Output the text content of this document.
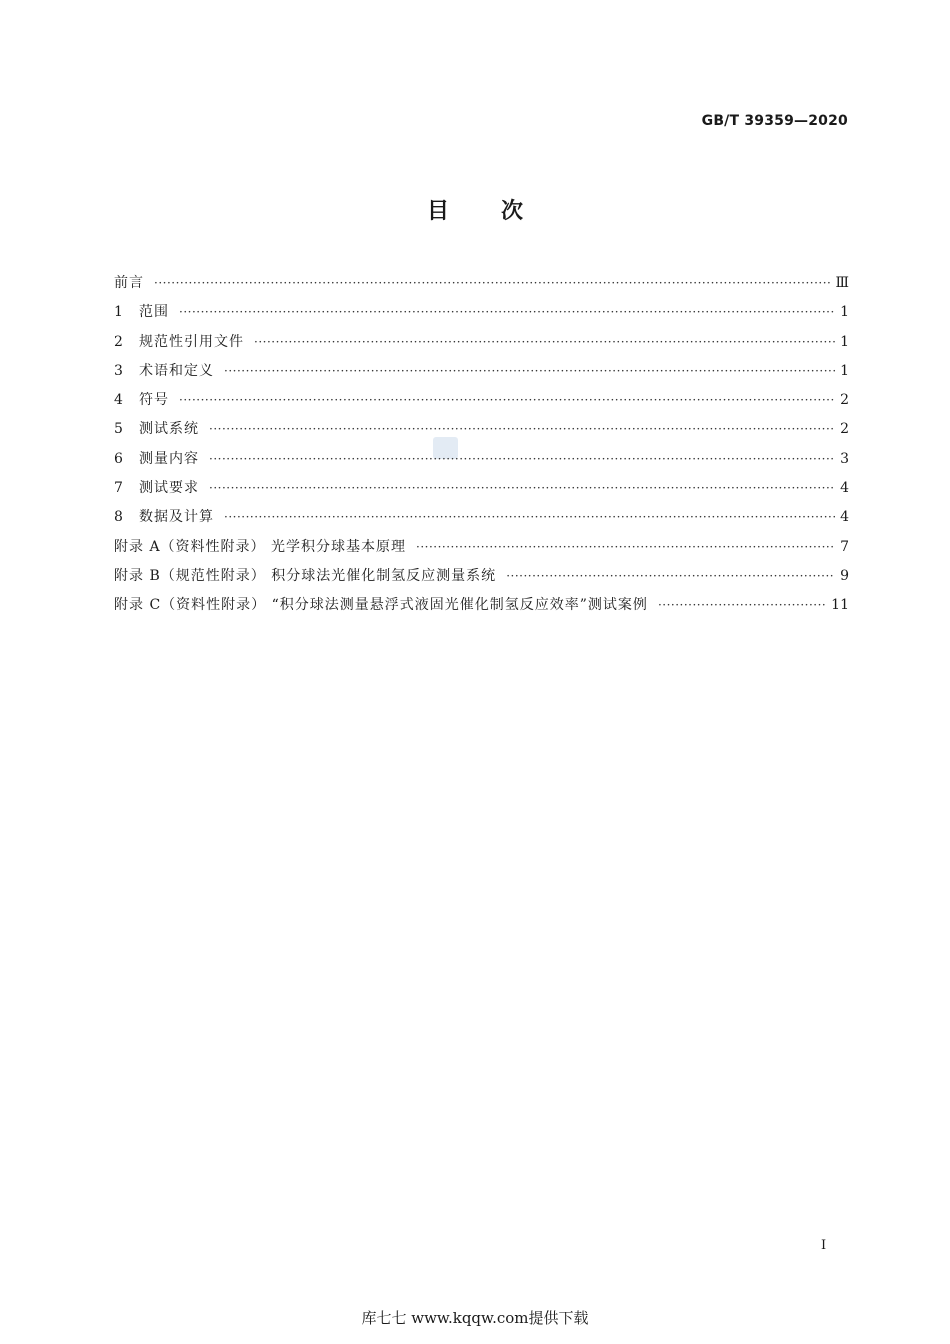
GB/T 39359—2020
目次
前言 ·····	Ⅲ
1	范围 ·····	1
2	规范性引用文件 ·····	1
3	术语和定义 ·····	1
4	符号 ·····	2
5	测试系统 ·····	2
6	测量内容 ·····	3
7	测试要求 ·····	4
8	数据及计算 ·····	4
附录 A（资料性附录） 光学积分球基本原理 ·····	7
附录 B（规范性附录） 积分球法光催化制氢反应测量系统 ·····	9
附录 C（资料性附录） “积分球法测量悬浮式液固光催化制氢反应效率”测试案例 ·····	11
I
库七七 www.kqqw.com提供下载
